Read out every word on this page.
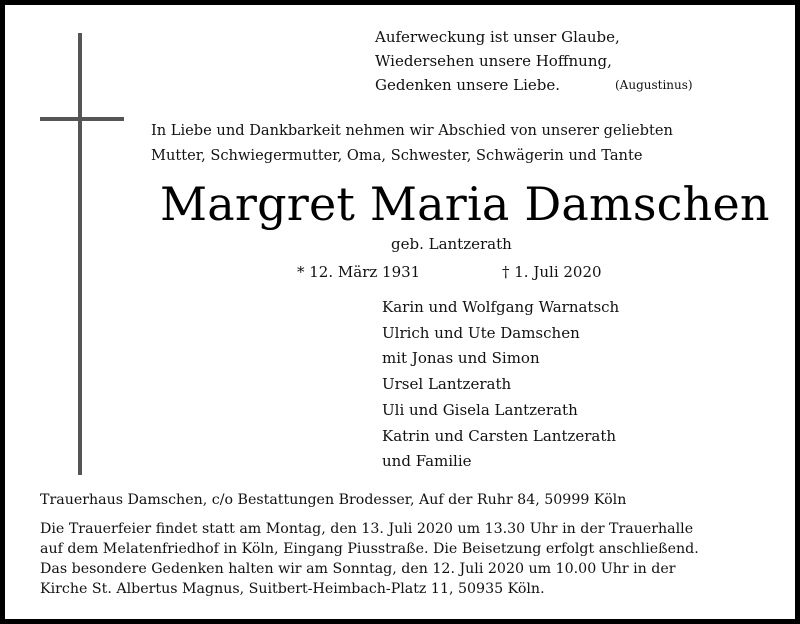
Auferweckung ist unser Glaube,
Wiedersehen unsere Hoffnung,
Gedenken unsere Liebe.	(Augustinus)
In Liebe und Dankbarkeit nehmen wir Abschied von unserer geliebten
Mutter, Schwiegermutter, Oma, Schwester, Schwägerin und Tante
Margret Maria Damschen
geb. Lantzerath
* 12. März 1931	† 1. Juli 2020
Karin und Wolfgang Warnatsch
Ulrich und Ute Damschen
mit Jonas und Simon
Ursel Lantzerath
Uli und Gisela Lantzerath
Katrin und Carsten Lantzerath
und Familie
Trauerhaus Damschen, c/o Bestattungen Brodesser, Auf der Ruhr 84, 50999 Köln
Die Trauerfeier findet statt am Montag, den 13. Juli 2020 um 13.30 Uhr in der Trauerhalle
auf dem Melatenfriedhof in Köln, Eingang Piusstraße. Die Beisetzung erfolgt anschließend.
Das besondere Gedenken halten wir am Sonntag, den 12. Juli 2020 um 10.00 Uhr in der
Kirche St. Albertus Magnus, Suitbert-Heimbach-Platz 11, 50935 Köln.
